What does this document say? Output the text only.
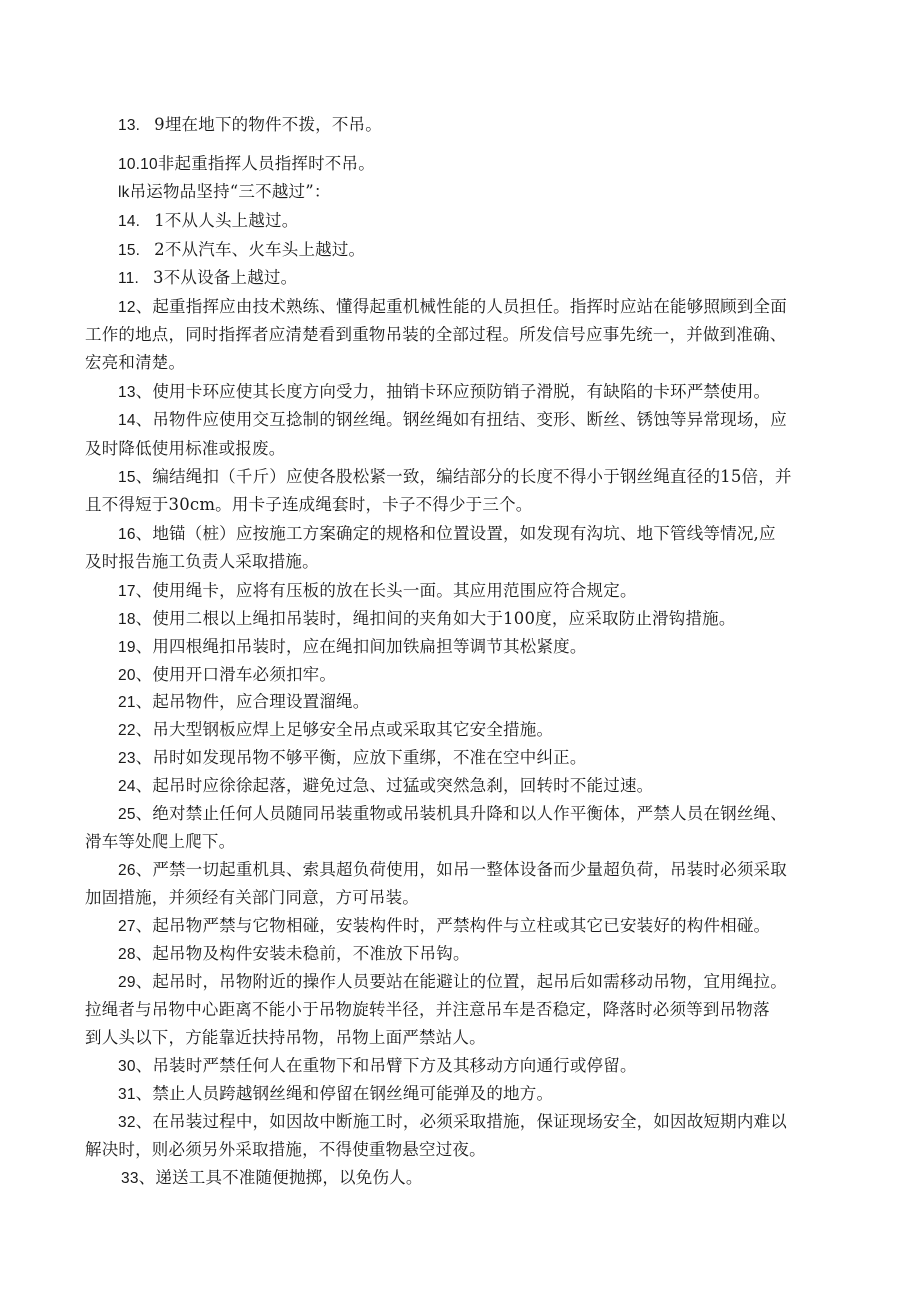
13. 9埋在地下的物件不拨，不吊。
10.10非起重指挥人员指挥时不吊。
lk吊运物品坚持“三不越过”：
14. 1不从人头上越过。
15. 2不从汽车、火车头上越过。
11. 3不从设备上越过。
12、起重指挥应由技术熟练、懂得起重机械性能的人员担任。指挥时应站在能够照顾到全面
工作的地点，同时指挥者应清楚看到重物吊装的全部过程。所发信号应事先统一，并做到准确、
宏亮和清楚。
13、使用卡环应使其长度方向受力，抽销卡环应预防销子滑脱，有缺陷的卡环严禁使用。
14、吊物件应使用交互捻制的钢丝绳。钢丝绳如有扭结、变形、断丝、锈蚀等异常现场，应
及时降低使用标准或报废。
15、编结绳扣（千斤）应使各股松紧一致，编结部分的长度不得小于钢丝绳直径的15倍，并
且不得短于30cm。用卡子连成绳套时，卡子不得少于三个。
16、地锚（桩）应按施工方案确定的规格和位置设置，如发现有沟坑、地下管线等情况,应
及时报告施工负责人采取措施。
17、使用绳卡，应将有压板的放在长头一面。其应用范围应符合规定。
18、使用二根以上绳扣吊装时，绳扣间的夹角如大于100度，应采取防止滑钩措施。
19、用四根绳扣吊装时，应在绳扣间加铁扁担等调节其松紧度。
20、使用开口滑车必须扣牢。
21、起吊物件，应合理设置溜绳。
22、吊大型钢板应焊上足够安全吊点或采取其它安全措施。
23、吊时如发现吊物不够平衡，应放下重绑，不准在空中纠正。
24、起吊时应徐徐起落，避免过急、过猛或突然急刹，回转时不能过速。
25、绝对禁止任何人员随同吊装重物或吊装机具升降和以人作平衡体，严禁人员在钢丝绳、
滑车等处爬上爬下。
26、严禁一切起重机具、索具超负荷使用，如吊一整体设备而少量超负荷，吊装时必须采取
加固措施，并须经有关部门同意，方可吊装。
27、起吊物严禁与它物相碰，安装构件时，严禁构件与立柱或其它已安装好的构件相碰。
28、起吊物及构件安装未稳前，不准放下吊钩。
29、起吊时，吊物附近的操作人员要站在能避让的位置，起吊后如需移动吊物，宜用绳拉。
拉绳者与吊物中心距离不能小于吊物旋转半径，并注意吊车是否稳定，降落时必须等到吊物落
到人头以下，方能靠近扶持吊物，吊物上面严禁站人。
30、吊装时严禁任何人在重物下和吊臂下方及其移动方向通行或停留。
31、禁止人员跨越钢丝绳和停留在钢丝绳可能弹及的地方。
32、在吊装过程中，如因故中断施工时，必须采取措施，保证现场安全，如因故短期内难以
解决时，则必须另外采取措施，不得使重物悬空过夜。
33、递送工具不准随便抛掷，以免伤人。
